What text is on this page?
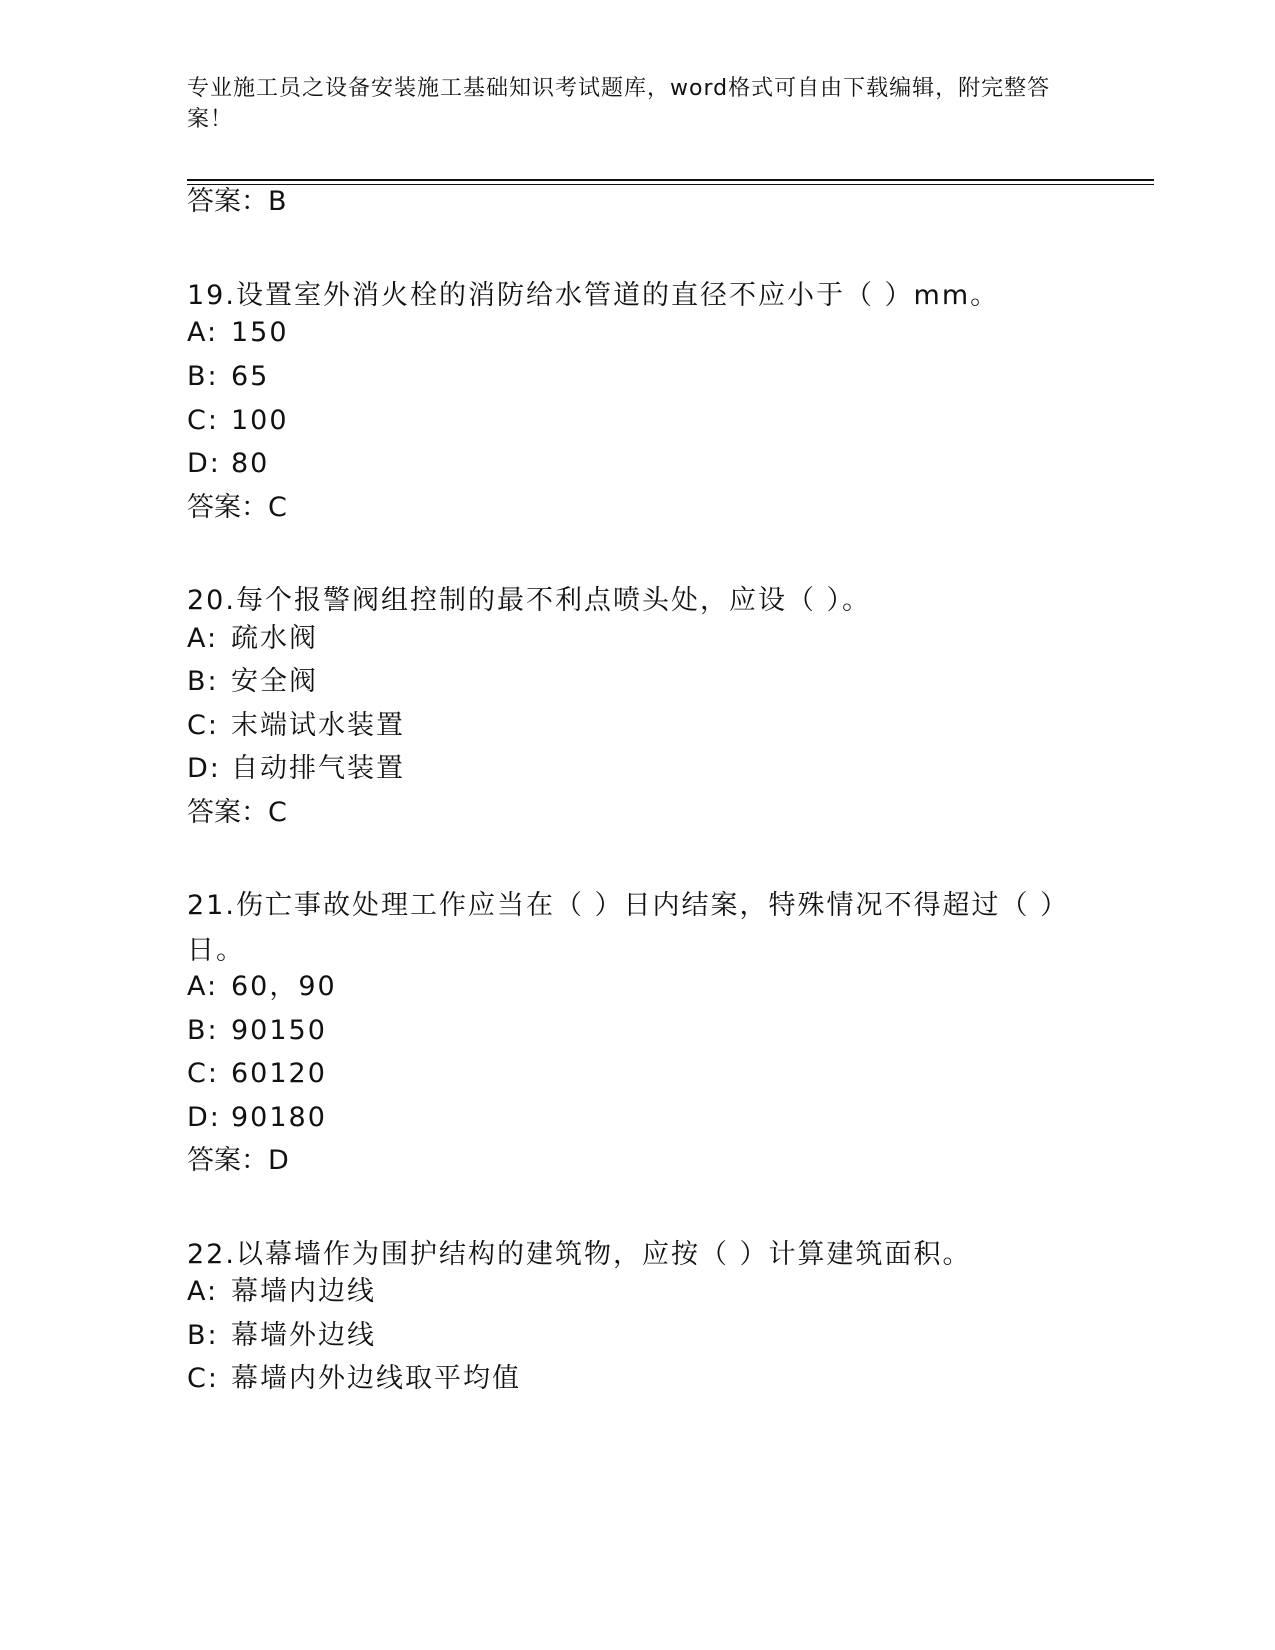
专业施工员之设备安装施工基础知识考试题库，word格式可自由下载编辑，附完整答案！
答案：B
19.设置室外消火栓的消防给水管道的直径不应小于（ ）mm。
A: 150
B: 65
C: 100
D: 80
答案：C
20.每个报警阀组控制的最不利点喷头处，应设（ ）。
A: 疏水阀
B: 安全阀
C: 末端试水装置
D: 自动排气装置
答案：C
21.伤亡事故处理工作应当在（ ）日内结案，特殊情况不得超过（ ）日。
A: 60，90
B: 90150
C: 60120
D: 90180
答案：D
22.以幕墙作为围护结构的建筑物，应按（ ）计算建筑面积。
A: 幕墙内边线
B: 幕墙外边线
C: 幕墙内外边线取平均值
